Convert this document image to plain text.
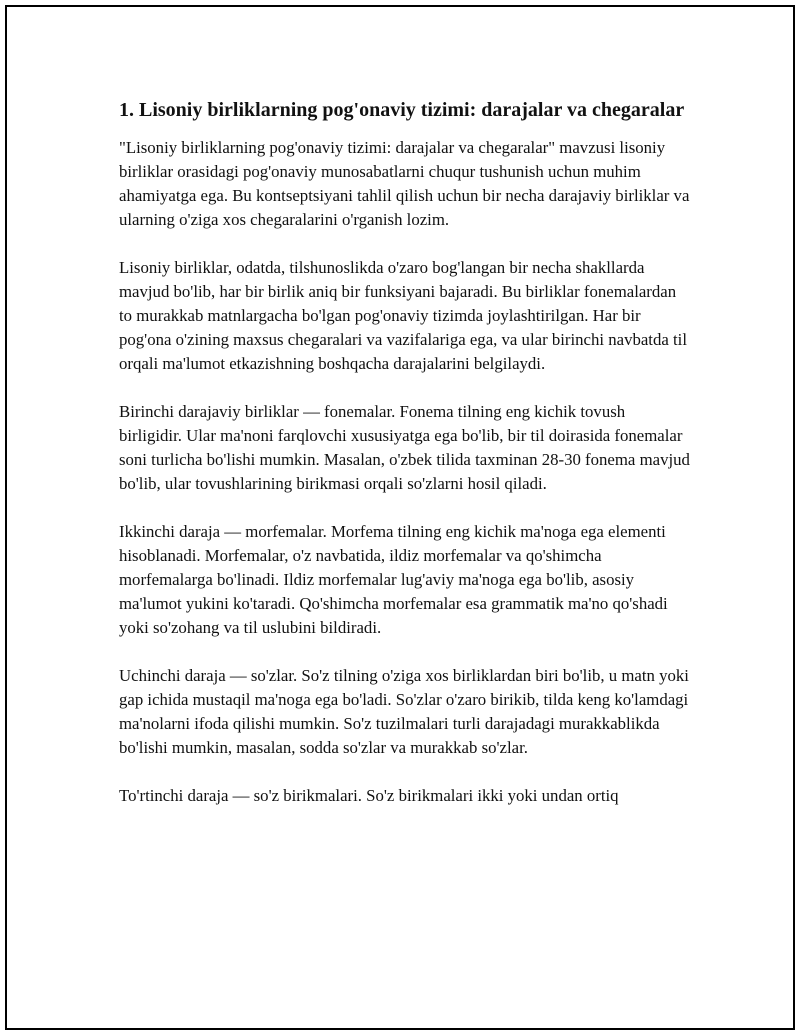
1. Lisoniy birliklarning pog'onaviy tizimi: darajalar va chegaralar

"Lisoniy birliklarning pog'onaviy tizimi: darajalar va chegaralar" mavzusi lisoniy birliklar orasidagi pog'onaviy munosabatlarni chuqur tushunish uchun muhim ahamiyatga ega. Bu kontseptsiyani tahlil qilish uchun bir necha darajaviy birliklar va ularning o'ziga xos chegaralarini o'rganish lozim.

Lisoniy birliklar, odatda, tilshunoslikda o'zaro bog'langan bir necha shakllarda mavjud bo'lib, har bir birlik aniq bir funksiyani bajaradi. Bu birliklar fonemalardan to murakkab matnlargacha bo'lgan pog'onaviy tizimda joylashtirilgan. Har bir pog'ona o'zining maxsus chegaralari va vazifalariga ega, va ular birinchi navbatda til orqali ma'lumot etkazishning boshqacha darajalarini belgilaydi.

Birinchi darajaviy birliklar — fonemalar. Fonema tilning eng kichik tovush birligidir. Ular ma'noni farqlovchi xususiyatga ega bo'lib, bir til doirasida fonemalar soni turlicha bo'lishi mumkin. Masalan, o'zbek tilida taxminan 28-30 fonema mavjud bo'lib, ular tovushlarining birikmasi orqali so'zlarni hosil qiladi.

Ikkinchi daraja — morfemalar. Morfema tilning eng kichik ma'noga ega elementi hisoblanadi. Morfemalar, o'z navbatida, ildiz morfemalar va qo'shimcha morfemalarga bo'linadi. Ildiz morfemalar lug'aviy ma'noga ega bo'lib, asosiy ma'lumot yukini ko'taradi. Qo'shimcha morfemalar esa grammatik ma'no qo'shadi yoki so'zohang va til uslubini bildiradi.

Uchinchi daraja — so'zlar. So'z tilning o'ziga xos birliklardan biri bo'lib, u matn yoki gap ichida mustaqil ma'noga ega bo'ladi. So'zlar o'zaro birikib, tilda keng ko'lamdagi ma'nolarni ifoda qilishi mumkin. So'z tuzilmalari turli darajadagi murakkablikda bo'lishi mumkin, masalan, sodda so'zlar va murakkab so'zlar.

To'rtinchi daraja — so'z birikmalari. So'z birikmalari ikki yoki undan ortiq
